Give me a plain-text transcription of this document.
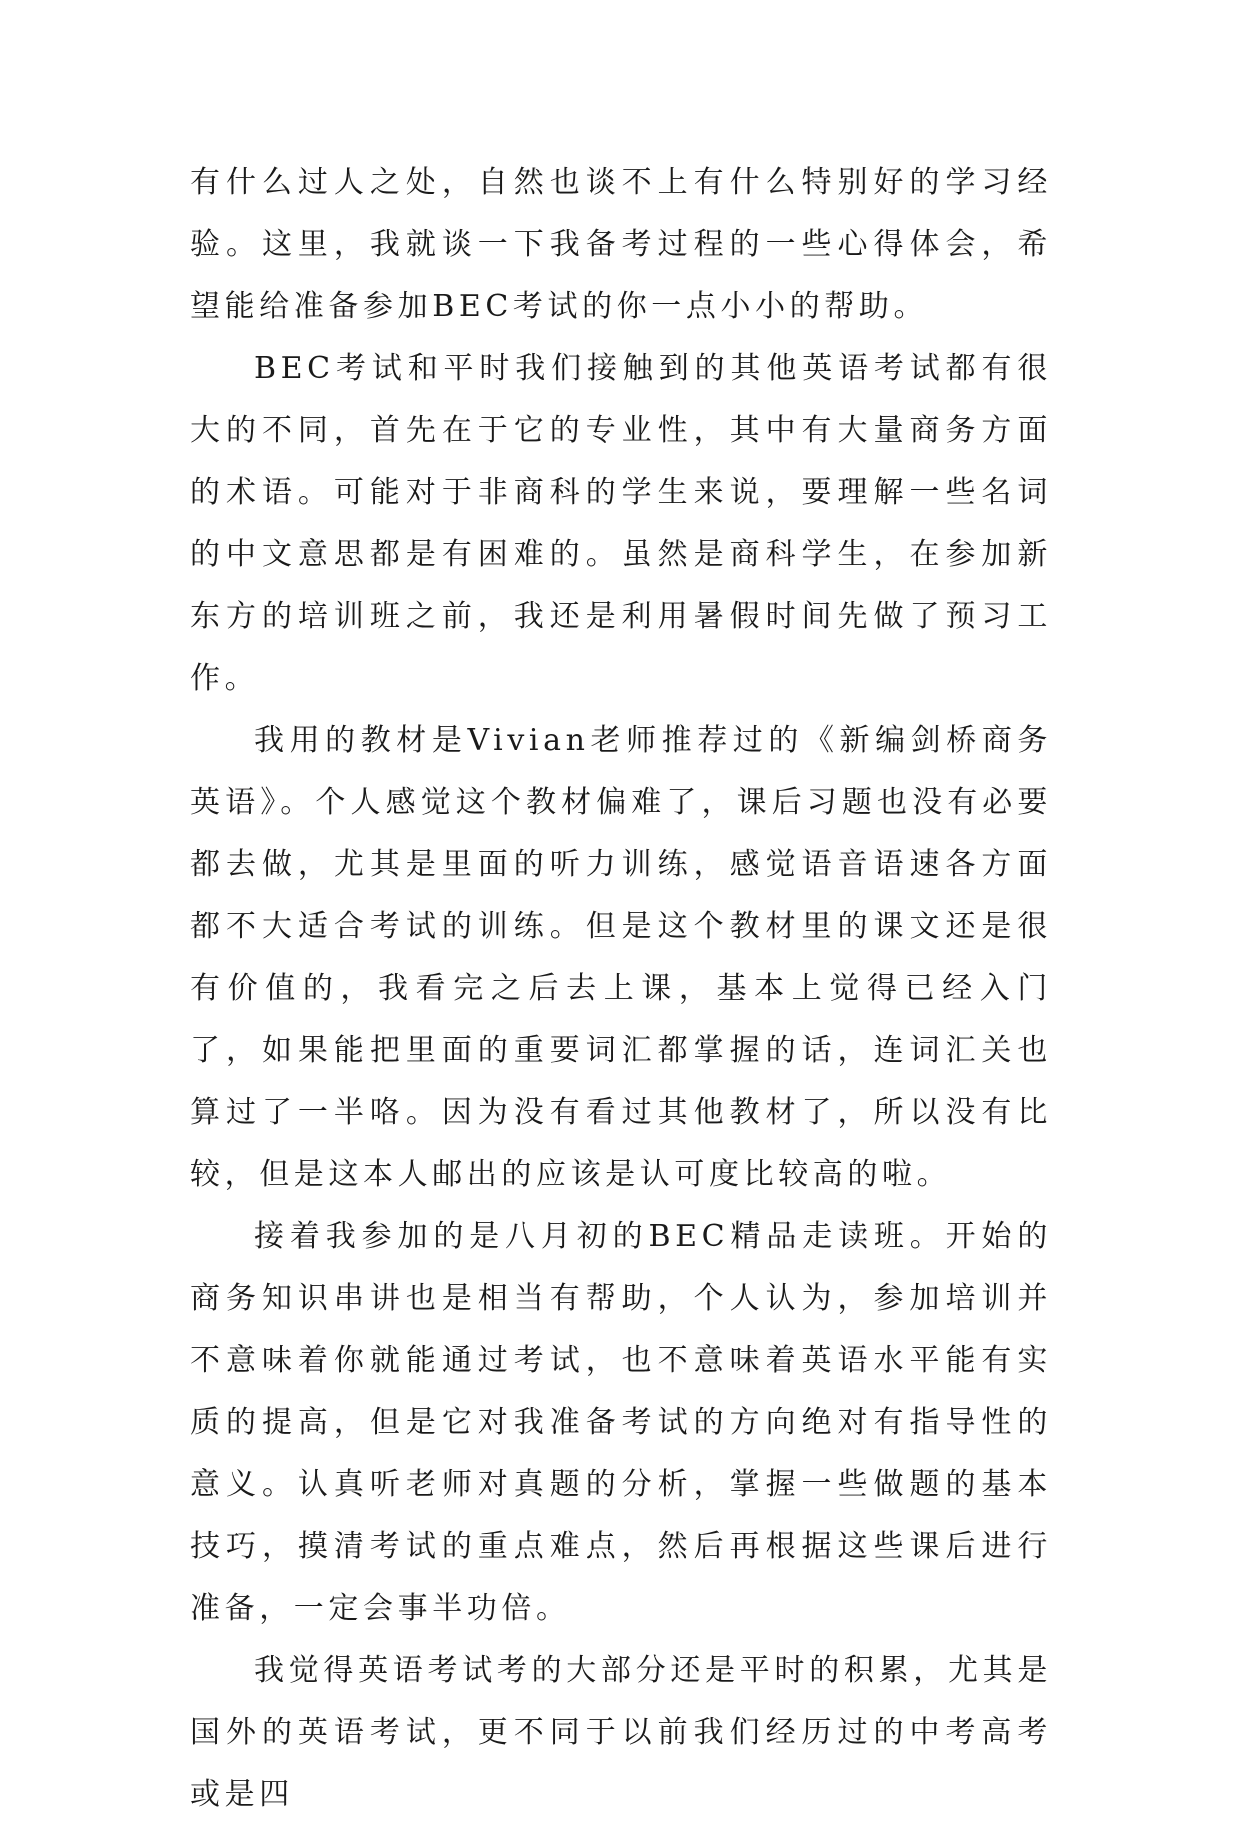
有什么过人之处，自然也谈不上有什么特别好的学习经验。这里，我就谈一下我备考过程的一些心得体会，希望能给准备参加BEC考试的你一点小小的帮助。

BEC考试和平时我们接触到的其他英语考试都有很大的不同，首先在于它的专业性，其中有大量商务方面的术语。可能对于非商科的学生来说，要理解一些名词的中文意思都是有困难的。虽然是商科学生，在参加新东方的培训班之前，我还是利用暑假时间先做了预习工作。

我用的教材是Vivian老师推荐过的《新编剑桥商务英语》。个人感觉这个教材偏难了，课后习题也没有必要都去做，尤其是里面的听力训练，感觉语音语速各方面都不大适合考试的训练。但是这个教材里的课文还是很有价值的，我看完之后去上课，基本上觉得已经入门了，如果能把里面的重要词汇都掌握的话，连词汇关也算过了一半咯。因为没有看过其他教材了，所以没有比较，但是这本人邮出的应该是认可度比较高的啦。

接着我参加的是八月初的BEC精品走读班。开始的商务知识串讲也是相当有帮助，个人认为，参加培训并不意味着你就能通过考试，也不意味着英语水平能有实质的提高，但是它对我准备考试的方向绝对有指导性的意义。认真听老师对真题的分析，掌握一些做题的基本技巧，摸清考试的重点难点，然后再根据这些课后进行准备，一定会事半功倍。

我觉得英语考试考的大部分还是平时的积累，尤其是国外的英语考试，更不同于以前我们经历过的中考高考或是四
